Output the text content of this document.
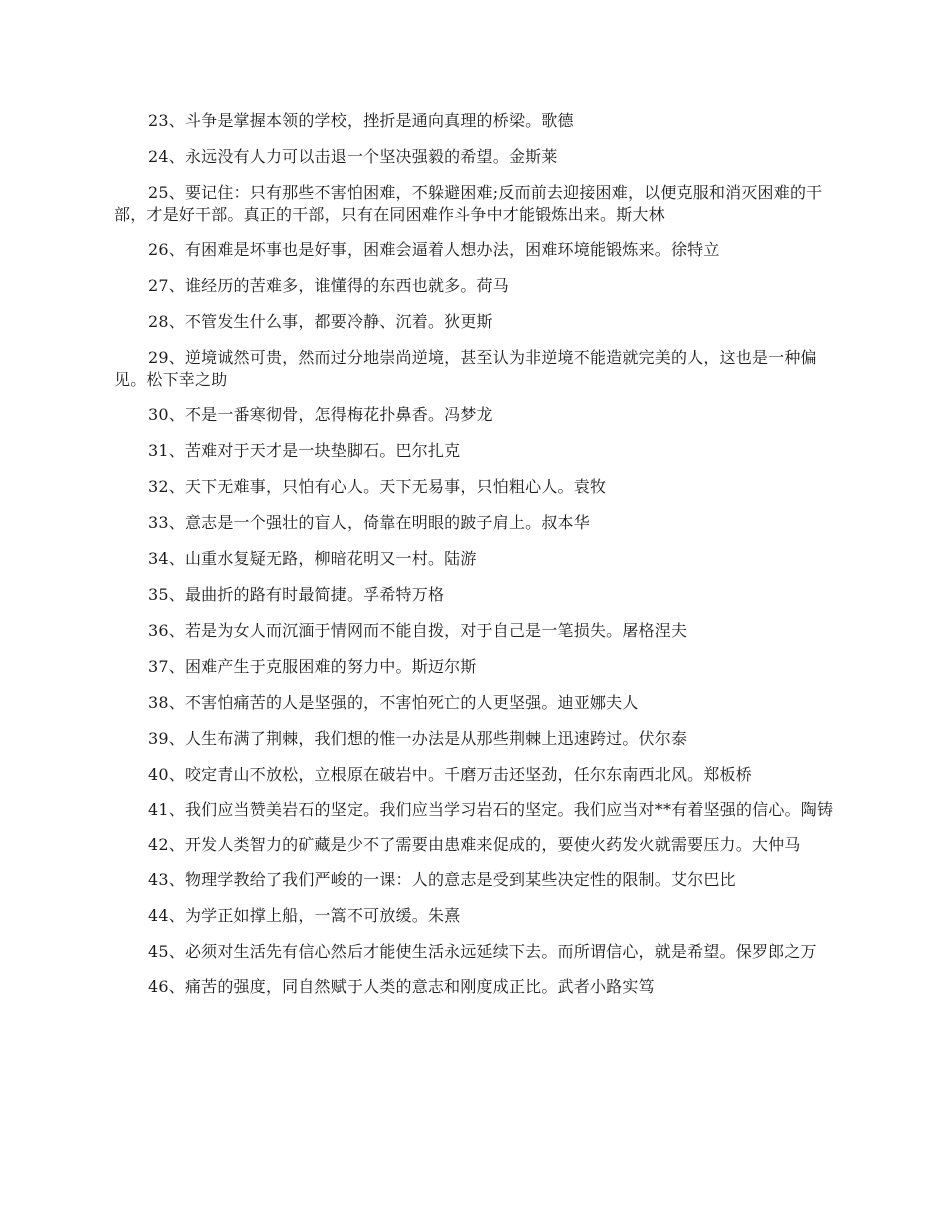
23、斗争是掌握本领的学校，挫折是通向真理的桥梁。歌德

24、永远没有人力可以击退一个坚决强毅的希望。金斯莱

25、要记住：只有那些不害怕困难，不躲避困难;反而前去迎接困难，以便克服和消灭困难的干部，才是好干部。真正的干部，只有在同困难作斗争中才能锻炼出来。斯大林

26、有困难是坏事也是好事，困难会逼着人想办法，困难环境能锻炼来。徐特立

27、谁经历的苦难多，谁懂得的东西也就多。荷马

28、不管发生什么事，都要冷静、沉着。狄更斯

29、逆境诚然可贵，然而过分地崇尚逆境，甚至认为非逆境不能造就完美的人，这也是一种偏见。松下幸之助

30、不是一番寒彻骨，怎得梅花扑鼻香。冯梦龙

31、苦难对于天才是一块垫脚石。巴尔扎克

32、天下无难事，只怕有心人。天下无易事，只怕粗心人。袁牧

33、意志是一个强壮的盲人，倚靠在明眼的跛子肩上。叔本华

34、山重水复疑无路，柳暗花明又一村。陆游

35、最曲折的路有时最简捷。孚希特万格

36、若是为女人而沉湎于情网而不能自拨，对于自己是一笔损失。屠格涅夫

37、困难产生于克服困难的努力中。斯迈尔斯

38、不害怕痛苦的人是坚强的，不害怕死亡的人更坚强。迪亚娜夫人

39、人生布满了荆棘，我们想的惟一办法是从那些荆棘上迅速跨过。伏尔泰

40、咬定青山不放松，立根原在破岩中。千磨万击还坚劲，任尔东南西北风。郑板桥

41、我们应当赞美岩石的坚定。我们应当学习岩石的坚定。我们应当对**有着坚强的信心。陶铸

42、开发人类智力的矿藏是少不了需要由患难来促成的，要使火药发火就需要压力。大仲马

43、物理学教给了我们严峻的一课：人的意志是受到某些决定性的限制。艾尔巴比

44、为学正如撑上船，一篙不可放缓。朱熹

45、必须对生活先有信心然后才能使生活永远延续下去。而所谓信心，就是希望。保罗郎之万

46、痛苦的强度，同自然赋于人类的意志和刚度成正比。武者小路实笃
